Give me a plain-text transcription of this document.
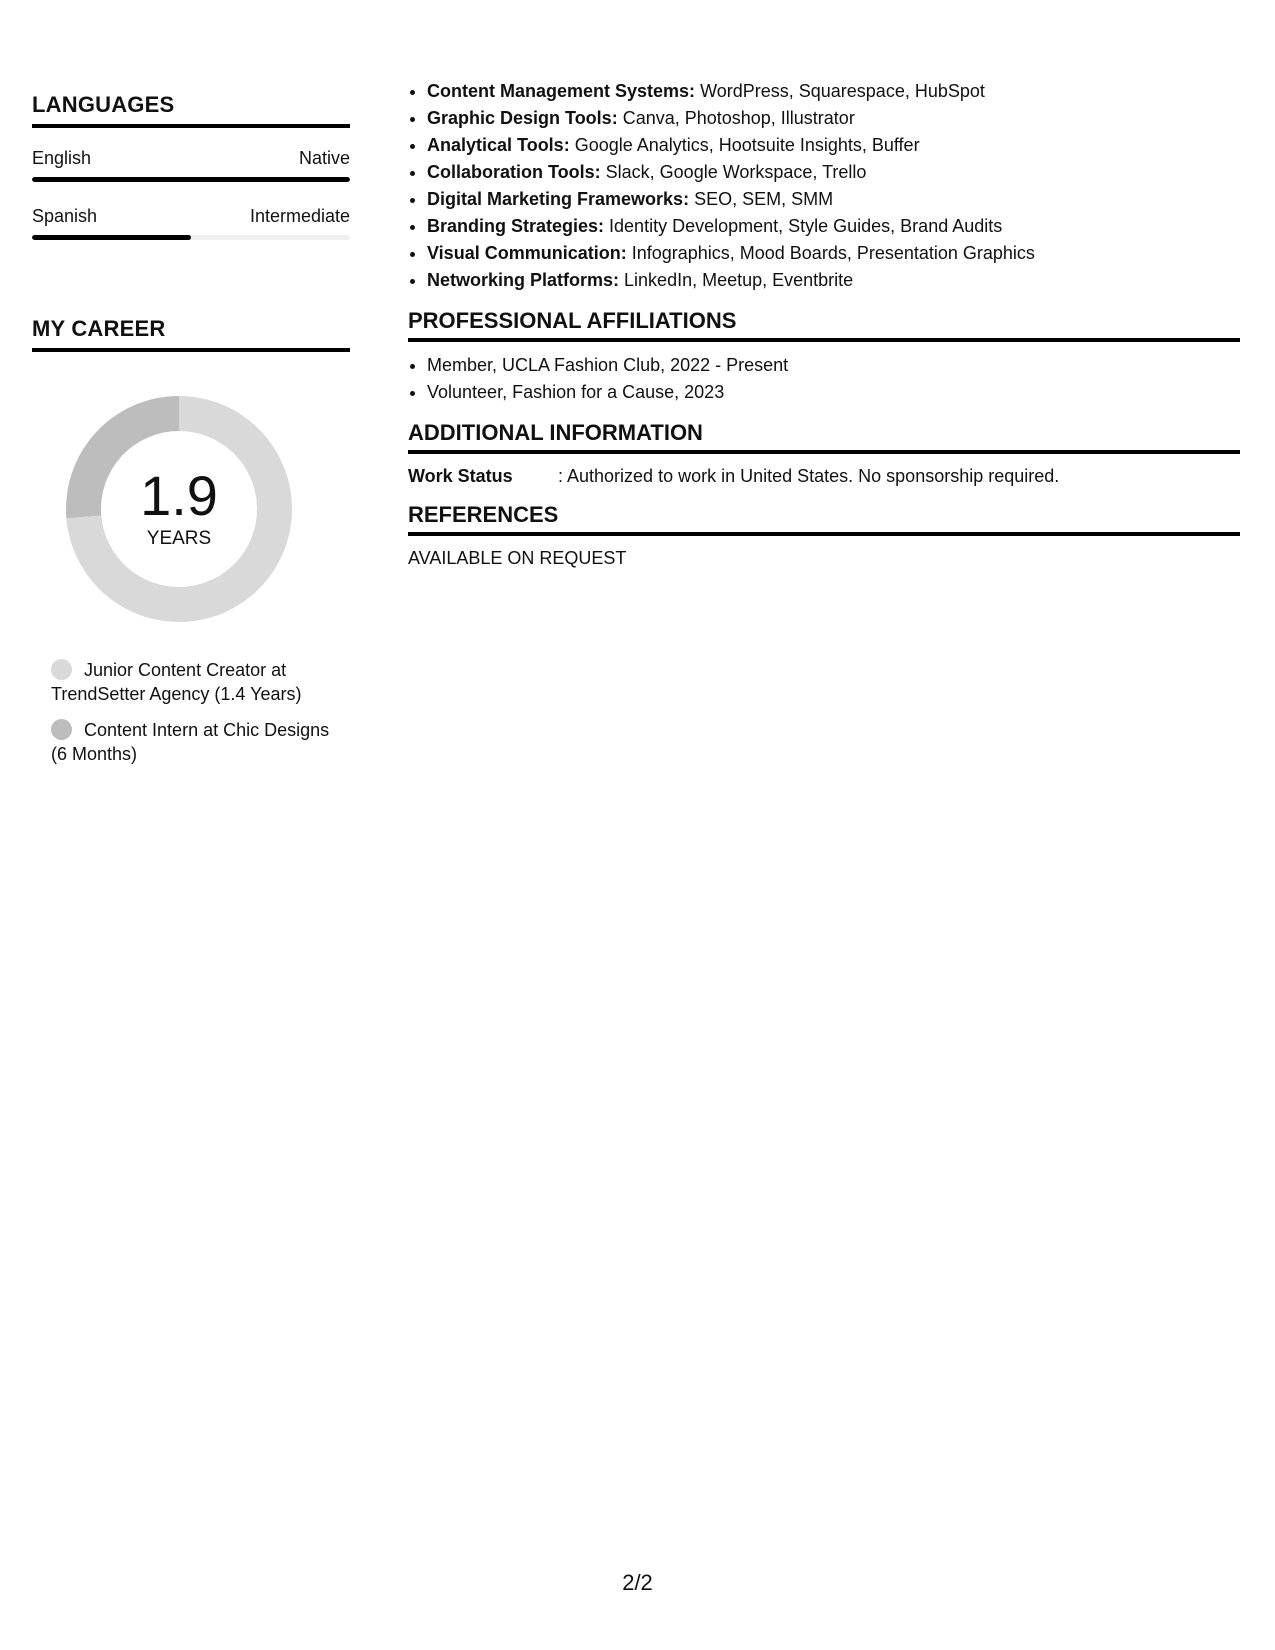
LANGUAGES
English	Native
Spanish	Intermediate
MY CAREER
1.9
YEARS
Junior Content Creator at TrendSetter Agency (1.4 Years)
Content Intern at Chic Designs (6 Months)
• Content Management Systems: WordPress, Squarespace, HubSpot
• Graphic Design Tools: Canva, Photoshop, Illustrator
• Analytical Tools: Google Analytics, Hootsuite Insights, Buffer
• Collaboration Tools: Slack, Google Workspace, Trello
• Digital Marketing Frameworks: SEO, SEM, SMM
• Branding Strategies: Identity Development, Style Guides, Brand Audits
• Visual Communication: Infographics, Mood Boards, Presentation Graphics
• Networking Platforms: LinkedIn, Meetup, Eventbrite
PROFESSIONAL AFFILIATIONS
• Member, UCLA Fashion Club, 2022 - Present
• Volunteer, Fashion for a Cause, 2023
ADDITIONAL INFORMATION
Work Status	: Authorized to work in United States. No sponsorship required.
REFERENCES
AVAILABLE ON REQUEST
2/2
